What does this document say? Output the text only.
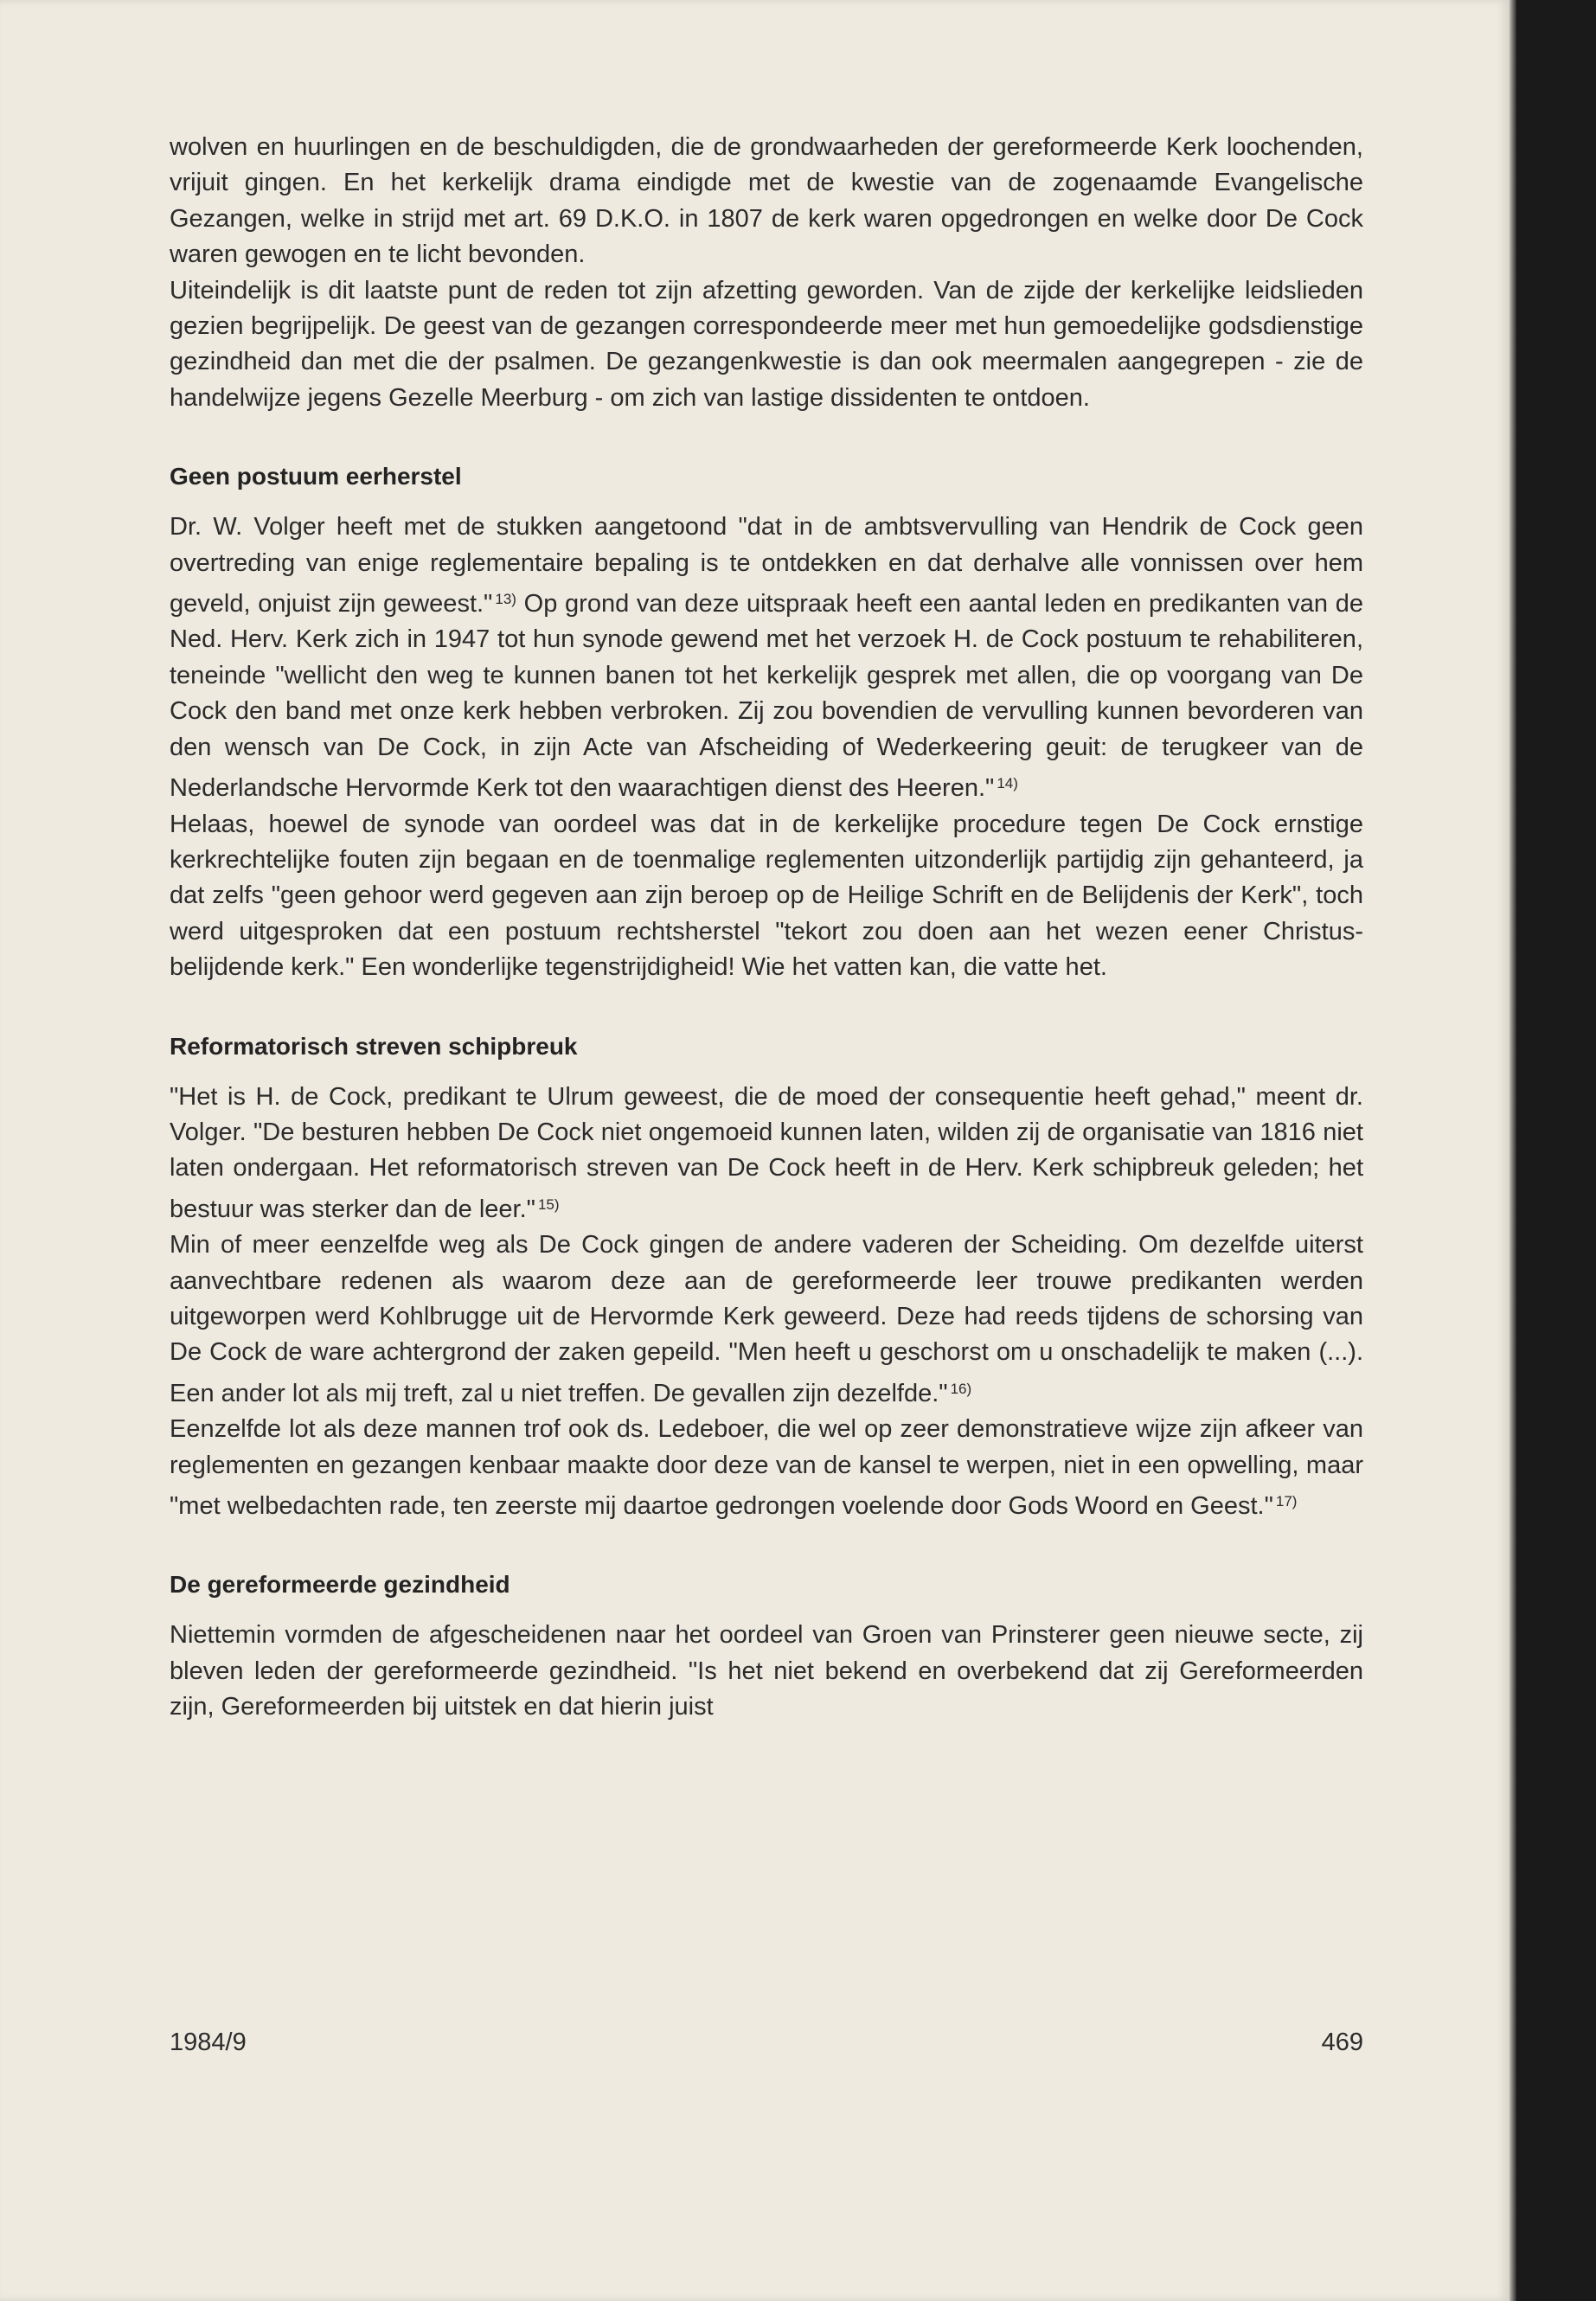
wolven en huurlingen en de beschuldigden, die de grondwaarheden der gereformeerde Kerk loochenden, vrijuit gingen. En het kerkelijk drama eindigde met de kwestie van de zogenaamde Evangelische Gezangen, welke in strijd met art. 69 D.K.O. in 1807 de kerk waren opgedrongen en welke door De Cock waren gewogen en te licht bevonden.

Uiteindelijk is dit laatste punt de reden tot zijn afzetting geworden. Van de zijde der kerkelijke leidslieden gezien begrijpelijk. De geest van de gezangen correspondeerde meer met hun gemoedelijke godsdienstige gezindheid dan met die der psalmen. De gezangenkwestie is dan ook meermalen aangegrepen - zie de handelwijze jegens Gezelle Meerburg - om zich van lastige dissidenten te ontdoen.

Geen postuum eerherstel

Dr. W. Volger heeft met de stukken aangetoond "dat in de ambtsvervulling van Hendrik de Cock geen overtreding van enige reglementaire bepaling is te ontdekken en dat derhalve alle vonnissen over hem geveld, onjuist zijn geweest." $^{13)}$ Op grond van deze uitspraak heeft een aantal leden en predikanten van de Ned. Herv. Kerk zich in 1947 tot hun synode gewend met het verzoek H. de Cock postuum te rehabiliteren, teneinde "wellicht den weg te kunnen banen tot het kerkelijk gesprek met allen, die op voorgang van De Cock den band met onze kerk hebben verbroken. Zij zou bovendien de vervulling kunnen bevorderen van den wensch van De Cock, in zijn Acte van Afscheiding of Wederkeering geuit: de terugkeer van de Nederlandsche Hervormde Kerk tot den waarachtigen dienst des Heeren." $^{14)}$

Helaas, hoewel de synode van oordeel was dat in de kerkelijke procedure tegen De Cock ernstige kerkrechtelijke fouten zijn begaan en de toenmalige reglementen uitzonderlijk partijdig zijn gehanteerd, ja dat zelfs "geen gehoor werd gegeven aan zijn beroep op de Heilige Schrift en de Belijdenis der Kerk", toch werd uitgesproken dat een postuum rechtsherstel "tekort zou doen aan het wezen eener Christus-belijdende kerk." Een wonderlijke tegenstrijdigheid! Wie het vatten kan, die vatte het.

Reformatorisch streven schipbreuk

"Het is H. de Cock, predikant te Ulrum geweest, die de moed der consequentie heeft gehad," meent dr. Volger. "De besturen hebben De Cock niet ongemoeid kunnen laten, wilden zij de organisatie van 1816 niet laten ondergaan. Het reformatorisch streven van De Cock heeft in de Herv. Kerk schipbreuk geleden; het bestuur was sterker dan de leer." $^{15)}$

Min of meer eenzelfde weg als De Cock gingen de andere vaderen der Scheiding. Om dezelfde uiterst aanvechtbare redenen als waarom deze aan de gereformeerde leer trouwe predikanten werden uitgeworpen werd Kohlbrugge uit de Hervormde Kerk geweerd. Deze had reeds tijdens de schorsing van De Cock de ware achtergrond der zaken gepeild. "Men heeft u geschorst om u onschadelijk te maken (...). Een ander lot als mij treft, zal u niet treffen. De gevallen zijn dezelfde." $^{16)}$

Eenzelfde lot als deze mannen trof ook ds. Ledeboer, die wel op zeer demonstratieve wijze zijn afkeer van reglementen en gezangen kenbaar maakte door deze van de kansel te werpen, niet in een opwelling, maar "met welbedachten rade, ten zeerste mij daartoe gedrongen voelende door Gods Woord en Geest." $^{17)}$

De gereformeerde gezindheid

Niettemin vormden de afgescheidenen naar het oordeel van Groen van Prinsterer geen nieuwe secte, zij bleven leden der gereformeerde gezindheid. "Is het niet bekend en overbekend dat zij Gereformeerden zijn, Gereformeerden bij uitstek en dat hierin juist

1984/9	469
